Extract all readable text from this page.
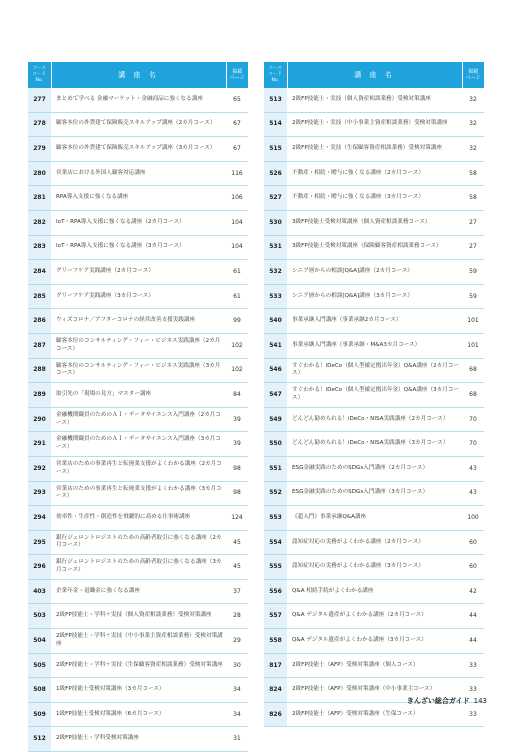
コース
コード
No.	講 座 名	掲載
ページ
277	まとめて学べる 金融マーケット・金融商品に強くなる講座	65
278	顧客本位の外貨建て保険販売スキルアップ講座（2カ月コース）	67
279	顧客本位の外貨建て保険販売スキルアップ講座（3カ月コース）	67
280	営業店における外国人顧客対応講座	116
281	RPA導入支援に強くなる講座	106
282	IoT・RPA導入支援に強くなる講座（2カ月コース）	104
283	IoT・RPA導入支援に強くなる講座（3カ月コース）	104
284	グリーフケア実践講座（2カ月コース）	61
285	グリーフケア実践講座（3カ月コース）	61
286	ウィズコロナ／アフターコロナの経営改善支援実践講座	99
287	顧客本位のコンサルティング・フィー・ビジネス実践講座（2カ月コース）	102
288	顧客本位のコンサルティング・フィー・ビジネス実践講座（3カ月コース）	102
289	取引先の「現場の見方」マスター講座	84
290	金融機関職員のためのＡＩ・データサイエンス入門講座（2カ月コース）	39
291	金融機関職員のためのＡＩ・データサイエンス入門講座（3カ月コース）	39
292	営業店のための事業再生と転廃業支援がよくわかる講座（2カ月コース）	98
293	営業店のための事業再生と転廃業支援がよくわかる講座（3カ月コース）	98
294	効率性・生産性・創造性を飛躍的に高める仕事術講座	124
295	銀行ジェロントロジストのための高齢者取引に強くなる講座（2カ月コース）	45
296	銀行ジェロントロジストのための高齢者取引に強くなる講座（3カ月コース）	45
403	企業年金・退職金に強くなる講座	37
503	2級FP技能士・学科＋実技（個人資産相談業務）受検対策講座	28
504	2級FP技能士・学科＋実技（中小事業主資産相談業務）受検対策講座	29
505	2級FP技能士・学科＋実技（生保顧客資産相談業務）受検対策講座	30
508	1級FP技能士受検対策講座（3カ月コース）	34
509	1級FP技能士受検対策講座（6カ月コース）	34
512	2級FP技能士・学科受検対策講座	31
コース
コード
No.	講 座 名	掲載
ページ
513	2級FP技能士・実技（個人資産相談業務）受検対策講座	32
514	2級FP技能士・実技（中小事業主資産相談業務）受検対策講座	32
515	2級FP技能士・実技（生保顧客資産相談業務）受検対策講座	32
526	不動産・相続・贈与に強くなる講座（2カ月コース）	58
527	不動産・相続・贈与に強くなる講座（3カ月コース）	58
530	3級FP技能士受検対策講座（個人資産相談業務コース）	27
531	3級FP技能士受検対策講座（保険顧客資産相談業務コース）	27
532	シニア層からの相談[Q&A]講座（2カ月コース）	59
533	シニア層からの相談[Q&A]講座（3カ月コース）	59
540	事業承継入門講座（事業承継2カ月コース）	101
541	事業承継入門講座（事業承継・M&A3カ月コース）	101
546	すぐわかる！iDeCo（個人型確定拠出年金）Q&A講座（2カ月コース）	68
547	すぐわかる！iDeCo（個人型確定拠出年金）Q&A講座（3カ月コース）	68
549	どんどん勧められる！iDeCo・NISA実践講座（2カ月コース）	70
550	どんどん勧められる！iDeCo・NISA実践講座（3カ月コース）	70
551	ESG金融実践のためのSDGs入門講座（2カ月コース）	43
552	ESG金融実践のためのSDGs入門講座（3カ月コース）	43
553	《超入門》事業承継Q&A講座	100
554	認知症対応の実務がよくわかる講座（2カ月コース）	60
555	認知症対応の実務がよくわかる講座（3カ月コース）	60
556	Q&A 相続手続がよくわかる講座	42
557	Q&A デジタル遺産がよくわかる講座（2カ月コース）	44
558	Q&A デジタル遺産がよくわかる講座（3カ月コース）	44
817	2級FP技能士（AFP）受検対策講座（個人コース）	33
824	2級FP技能士（AFP）受検対策講座（中小事業主コース）	33
826	2級FP技能士（AFP）受検対策講座（生保コース）	33
きんざい総合ガイド 143
